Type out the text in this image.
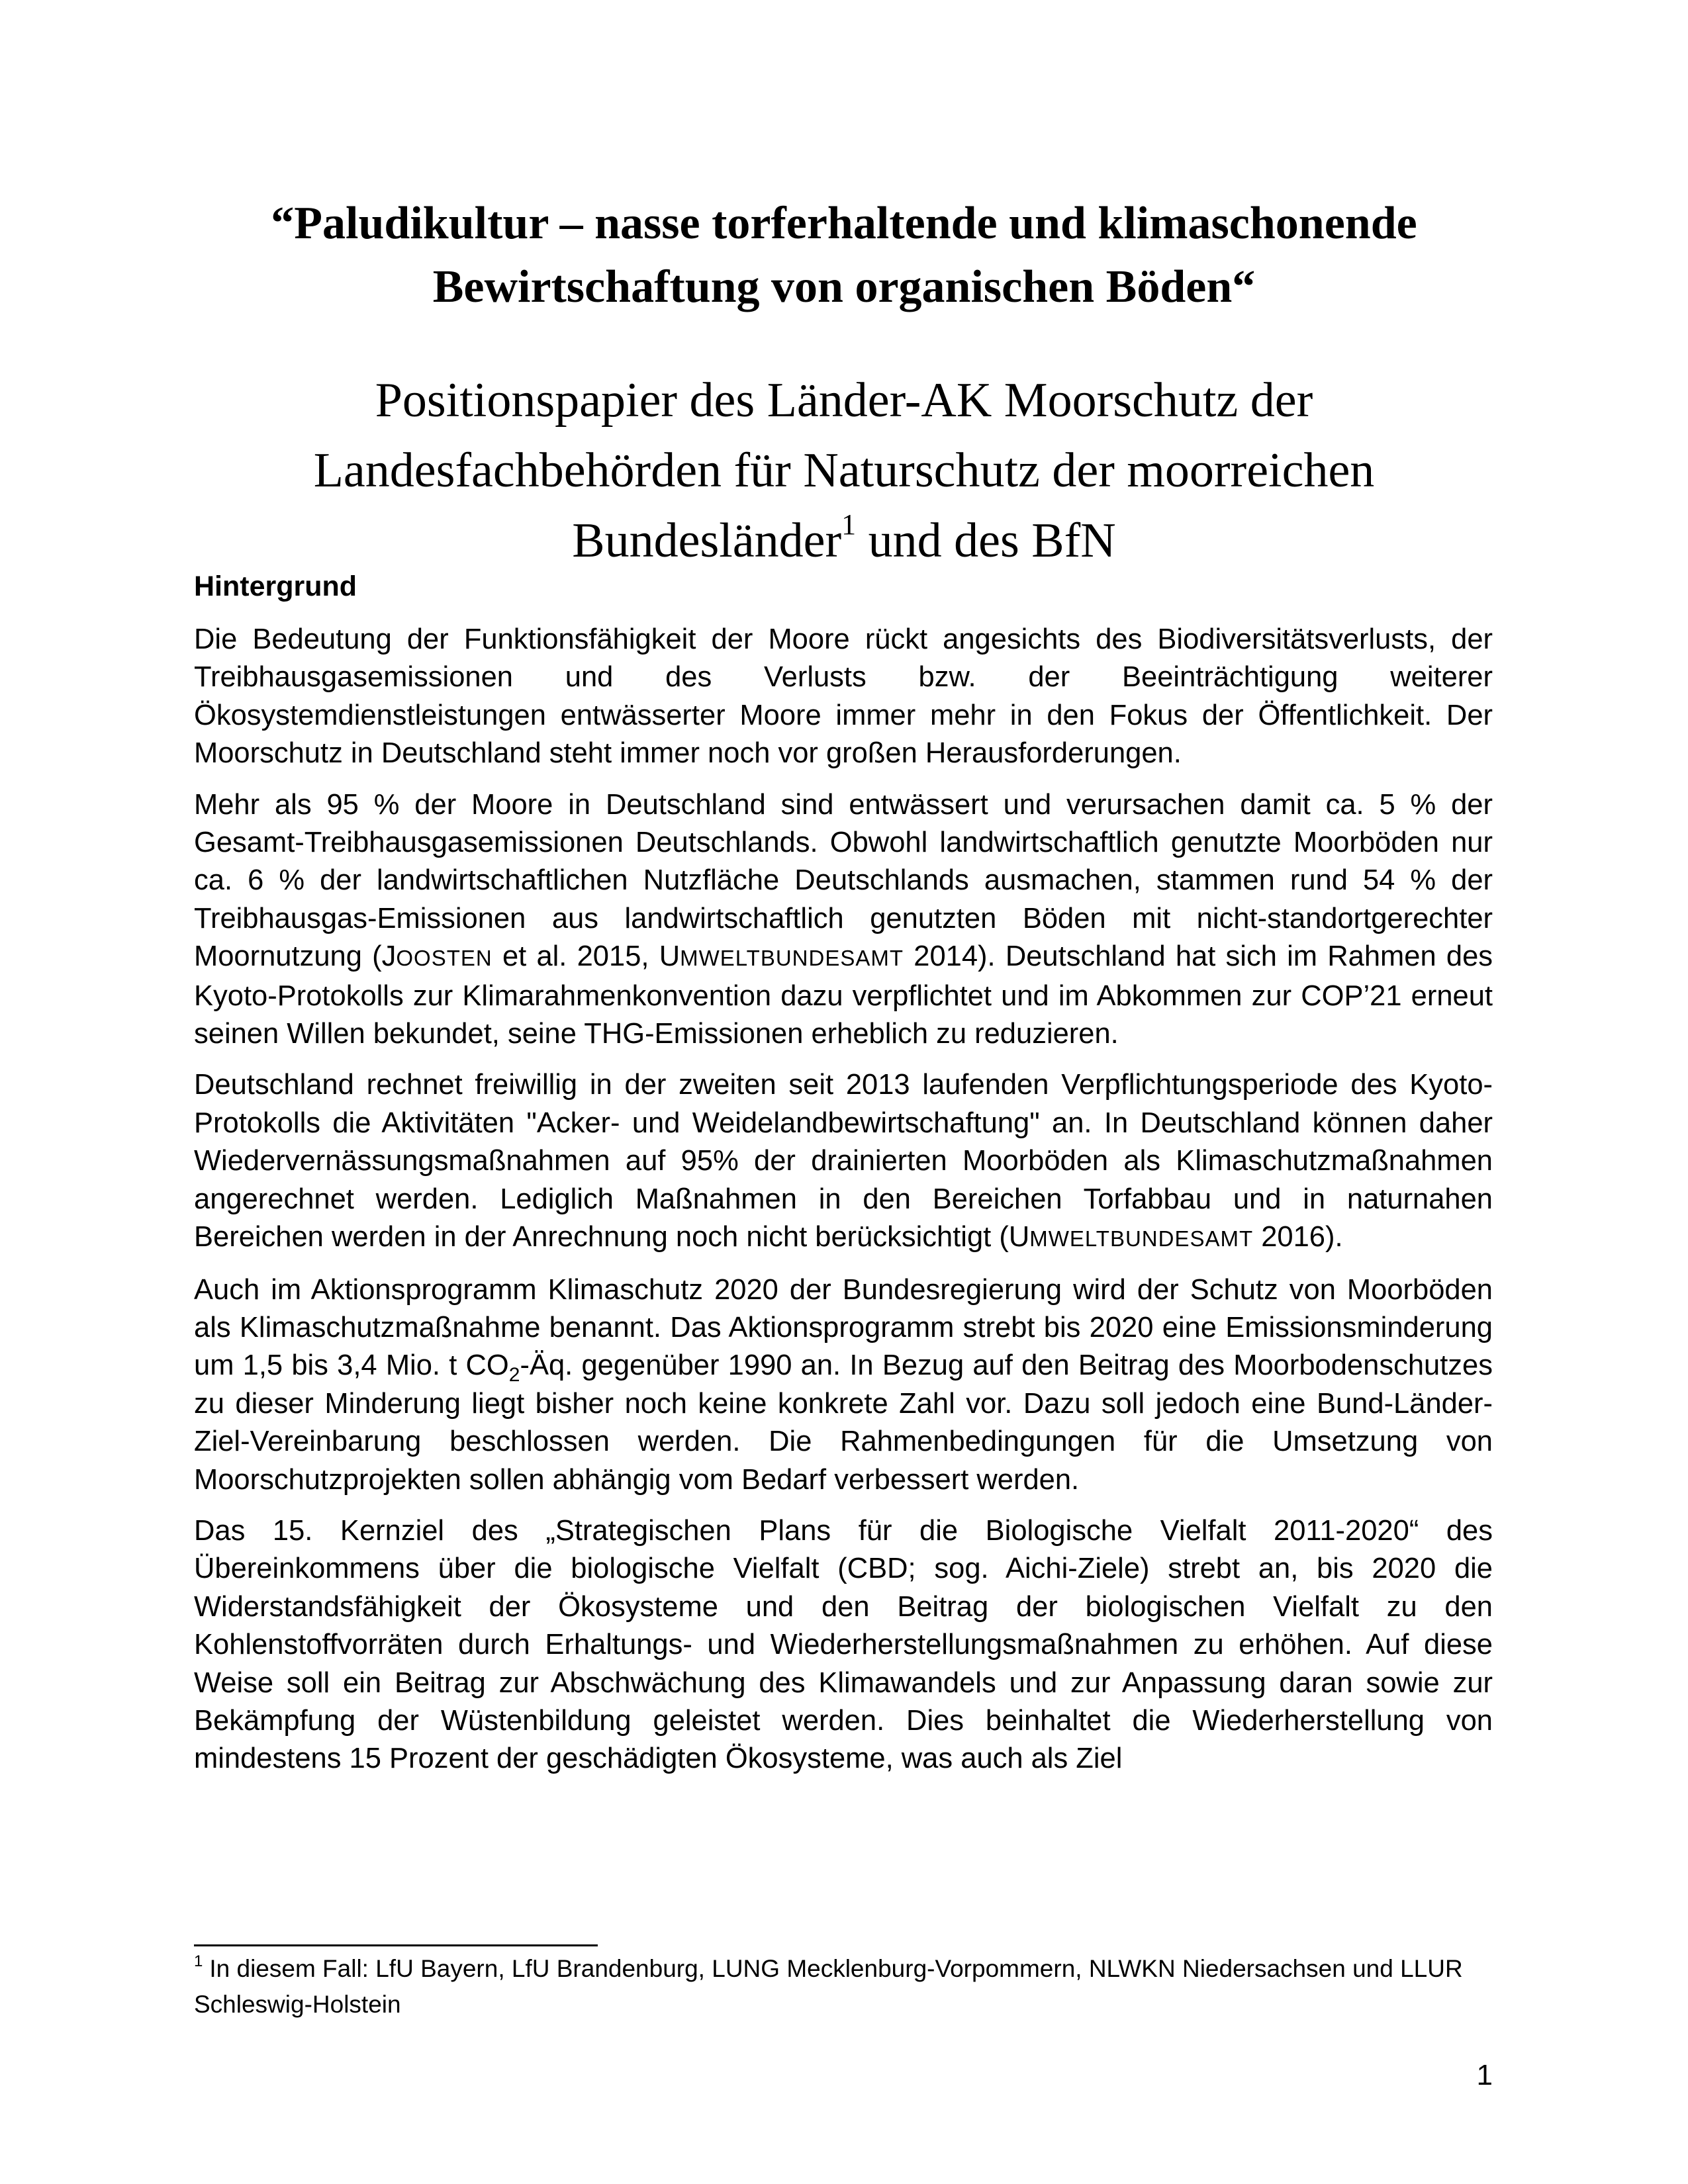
“Paludikultur – nasse torferhaltende und klimaschonende
Bewirtschaftung von organischen Böden“
Positionspapier des Länder-AK Moorschutz der
Landesfachbehörden für Naturschutz der moorreichen
Bundesländer$^1$ und des BfN
Hintergrund

Die Bedeutung der Funktionsfähigkeit der Moore rückt angesichts des Biodiversitätsverlusts, der Treibhausgasemissionen und des Verlusts bzw. der Beeinträchtigung weiterer Ökosystemdienstleistungen entwässerter Moore immer mehr in den Fokus der Öffentlichkeit. Der Moorschutz in Deutschland steht immer noch vor großen Herausforderungen.

Mehr als 95 % der Moore in Deutschland sind entwässert und verursachen damit ca. 5 % der Gesamt-Treibhausgasemissionen Deutschlands. Obwohl landwirtschaftlich genutzte Moorböden nur ca. 6 % der landwirtschaftlichen Nutzfläche Deutschlands ausmachen, stammen rund 54 % der Treibhausgas-Emissionen aus landwirtschaftlich genutzten Böden mit nicht-standortgerechter Moornutzung (JOOSTEN et al. 2015, UMWELTBUNDESAMT 2014). Deutschland hat sich im Rahmen des Kyoto-Protokolls zur Klimarahmenkonvention dazu verpflichtet und im Abkommen zur COP’21 erneut seinen Willen bekundet, seine THG-Emissionen erheblich zu reduzieren.

Deutschland rechnet freiwillig in der zweiten seit 2013 laufenden Verpflichtungsperiode des Kyoto-Protokolls die Aktivitäten "Acker- und Weidelandbewirtschaftung" an. In Deutschland können daher Wiedervernässungsmaßnahmen auf 95% der drainierten Moorböden als Klimaschutzmaßnahmen angerechnet werden. Lediglich Maßnahmen in den Bereichen Torfabbau und in naturnahen Bereichen werden in der Anrechnung noch nicht berücksichtigt (UMWELTBUNDESAMT 2016).

Auch im Aktionsprogramm Klimaschutz 2020 der Bundesregierung wird der Schutz von Moorböden als Klimaschutzmaßnahme benannt. Das Aktionsprogramm strebt bis 2020 eine Emissionsminderung um 1,5 bis 3,4 Mio. t $CO_2-Äq$. gegenüber 1990 an. In Bezug auf den Beitrag des Moorbodenschutzes zu dieser Minderung liegt bisher noch keine konkrete Zahl vor. Dazu soll jedoch eine Bund-Länder-Ziel-Vereinbarung beschlossen werden. Die Rahmenbedingungen für die Umsetzung von Moorschutzprojekten sollen abhängig vom Bedarf verbessert werden.

Das 15. Kernziel des „Strategischen Plans für die Biologische Vielfalt 2011-2020“ des Übereinkommens über die biologische Vielfalt (CBD; sog. Aichi-Ziele) strebt an, bis 2020 die Widerstandsfähigkeit der Ökosysteme und den Beitrag der biologischen Vielfalt zu den Kohlenstoffvorräten durch Erhaltungs- und Wiederherstellungsmaßnahmen zu erhöhen. Auf diese Weise soll ein Beitrag zur Abschwächung des Klimawandels und zur Anpassung daran sowie zur Bekämpfung der Wüstenbildung geleistet werden. Dies beinhaltet die Wiederherstellung von mindestens 15 Prozent der geschädigten Ökosysteme, was auch als Ziel

$^1$ In diesem Fall: LfU Bayern, LfU Brandenburg, LUNG Mecklenburg-Vorpommern, NLWKN Niedersachsen und LLUR Schleswig-Holstein
1
